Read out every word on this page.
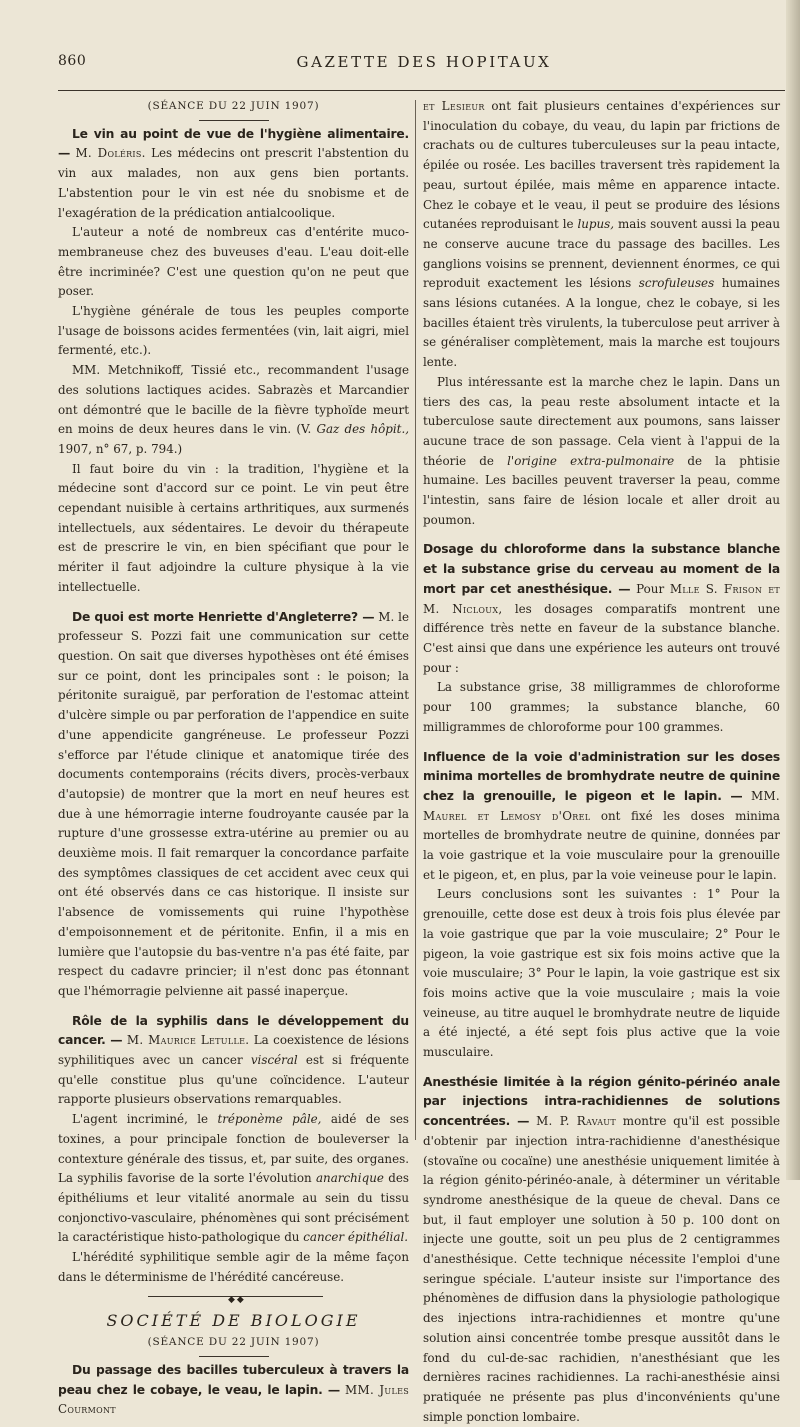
860	GAZETTE DES HOPITAUX
(SÉANCE DU 22 JUIN 1907)

Le vin au point de vue de l'hygiène alimentaire. — M. Doléris. Les médecins ont prescrit l'abstention du vin aux malades, non aux gens bien portants. L'abstention pour le vin est née du snobisme et de l'exagération de la prédication antialcoolique.

L'auteur a noté de nombreux cas d'entérite muco-membraneuse chez des buveuses d'eau. L'eau doit-elle être incriminée? C'est une question qu'on ne peut que poser.

L'hygiène générale de tous les peuples comporte l'usage de boissons acides fermentées (vin, lait aigri, miel fermenté, etc.).

MM. Metchnikoff, Tissié etc., recommandent l'usage des solutions lactiques acides. Sabrazès et Marcandier ont démontré que le bacille de la fièvre typhoïde meurt en moins de deux heures dans le vin. (V. Gaz des hôpit., 1907, n° 67, p. 794.)

Il faut boire du vin : la tradition, l'hygiène et la médecine sont d'accord sur ce point. Le vin peut être cependant nuisible à certains arthritiques, aux surmenés intellectuels, aux sédentaires. Le devoir du thérapeute est de prescrire le vin, en bien spécifiant que pour le mériter il faut adjoindre la culture physique à la vie intellectuelle.

De quoi est morte Henriette d'Angleterre? — M. le professeur S. Pozzi fait une communication sur cette question. On sait que diverses hypothèses ont été émises sur ce point, dont les principales sont : le poison; la péritonite suraiguë, par perforation de l'estomac atteint d'ulcère simple ou par perforation de l'appendice en suite d'une appendicite gangréneuse. Le professeur Pozzi s'efforce par l'étude clinique et anatomique tirée des documents contemporains (récits divers, procès-verbaux d'autopsie) de montrer que la mort en neuf heures est due à une hémorragie interne foudroyante causée par la rupture d'une grossesse extra-utérine au premier ou au deuxième mois. Il fait remarquer la concordance parfaite des symptômes classiques de cet accident avec ceux qui ont été observés dans ce cas historique. Il insiste sur l'absence de vomissements qui ruine l'hypothèse d'empoisonnement et de péritonite. Enfin, il a mis en lumière que l'autopsie du bas-ventre n'a pas été faite, par respect du cadavre princier; il n'est donc pas étonnant que l'hémorragie pelvienne ait passé inaperçue.

Rôle de la syphilis dans le développement du cancer. — M. Maurice Letulle. La coexistence de lésions syphilitiques avec un cancer viscéral est si fréquente qu'elle constitue plus qu'une coïncidence. L'auteur rapporte plusieurs observations remarquables.

L'agent incriminé, le tréponème pâle, aidé de ses toxines, a pour principale fonction de bouleverser la contexture générale des tissus, et, par suite, des organes. La syphilis favorise de la sorte l'évolution anarchique des épithéliums et leur vitalité anormale au sein du tissu conjonctivo-vasculaire, phénomènes qui sont précisément la caractéristique histo-pathologique du cancer épithélial.

L'hérédité syphilitique semble agir de la même façon dans le déterminisme de l'hérédité cancéreuse.

◆◆
SOCIÉTÉ DE BIOLOGIE
(SÉANCE DU 22 JUIN 1907)

Du passage des bacilles tuberculeux à travers la peau chez le cobaye, le veau, le lapin. — MM. Jules Courmont

et Lesieur ont fait plusieurs centaines d'expériences sur l'inoculation du cobaye, du veau, du lapin par frictions de crachats ou de cultures tuberculeuses sur la peau intacte, épilée ou rosée. Les bacilles traversent très rapidement la peau, surtout épilée, mais même en apparence intacte. Chez le cobaye et le veau, il peut se produire des lésions cutanées reproduisant le lupus, mais souvent aussi la peau ne conserve aucune trace du passage des bacilles. Les ganglions voisins se prennent, deviennent énormes, ce qui reproduit exactement les lésions scrofuleuses humaines sans lésions cutanées. A la longue, chez le cobaye, si les bacilles étaient très virulents, la tuberculose peut arriver à se généraliser complètement, mais la marche est toujours lente.

Plus intéressante est la marche chez le lapin. Dans un tiers des cas, la peau reste absolument intacte et la tuberculose saute directement aux poumons, sans laisser aucune trace de son passage. Cela vient à l'appui de la théorie de l'origine extra-pulmonaire de la phtisie humaine. Les bacilles peuvent traverser la peau, comme l'intestin, sans faire de lésion locale et aller droit au poumon.

Dosage du chloroforme dans la substance blanche et la substance grise du cerveau au moment de la mort par cet anesthésique. — Pour Mlle S. Frison et M. Nicloux, les dosages comparatifs montrent une différence très nette en faveur de la substance blanche. C'est ainsi que dans une expérience les auteurs ont trouvé pour :

La substance grise, 38 milligrammes de chloroforme pour 100 grammes; la substance blanche, 60 milligrammes de chloroforme pour 100 grammes.

Influence de la voie d'administration sur les doses minima mortelles de bromhydrate neutre de quinine chez la grenouille, le pigeon et le lapin. — MM. Maurel et Lemosy d'Orel ont fixé les doses minima mortelles de bromhydrate neutre de quinine, données par la voie gastrique et la voie musculaire pour la grenouille et le pigeon, et, en plus, par la voie veineuse pour le lapin.

Leurs conclusions sont les suivantes : 1° Pour la grenouille, cette dose est deux à trois fois plus élevée par la voie gastrique que par la voie musculaire; 2° Pour le pigeon, la voie gastrique est six fois moins active que la voie musculaire; 3° Pour le lapin, la voie gastrique est six fois moins active que la voie musculaire ; mais la voie veineuse, au titre auquel le bromhydrate neutre de liquide a été injecté, a été sept fois plus active que la voie musculaire.

Anesthésie limitée à la région génito-périnéo anale par injections intra-rachidiennes de solutions concentrées. — M. P. Ravaut montre qu'il est possible d'obtenir par injection intra-rachidienne d'anesthésique (stovaïne ou cocaïne) une anesthésie uniquement limitée à la région génito-périnéo-anale, à déterminer un véritable syndrome anesthésique de la queue de cheval. Dans ce but, il faut employer une solution à 50 p. 100 dont on injecte une goutte, soit un peu plus de 2 centigrammes d'anesthésique. Cette technique nécessite l'emploi d'une seringue spéciale. L'auteur insiste sur l'importance des phénomènes de diffusion dans la physiologie pathologique des injections intra-rachidiennes et montre qu'une solution ainsi concentrée tombe presque aussitôt dans le fond du cul-de-sac rachidien, n'anesthésiant que les dernières racines rachidiennes. La rachi-anesthésie ainsi pratiquée ne présente pas plus d'inconvénients qu'une simple ponction lombaire.
